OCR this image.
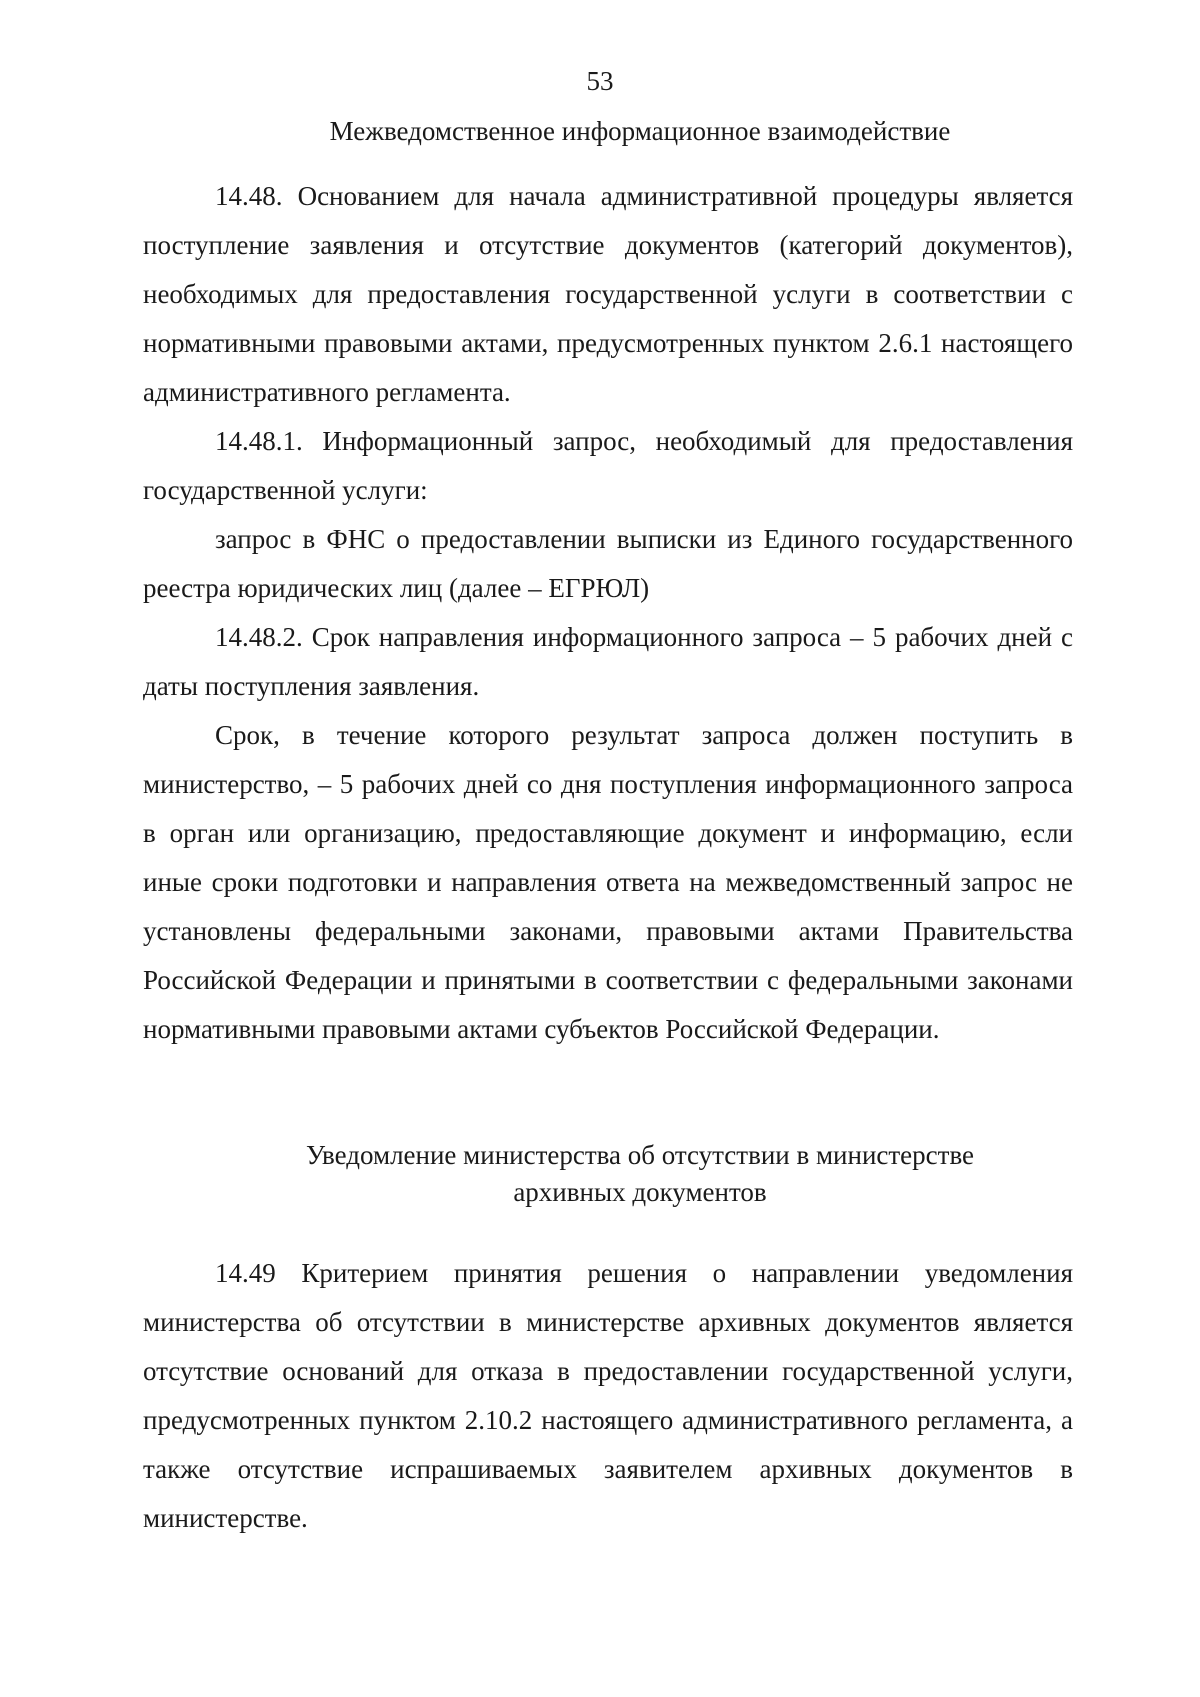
53
Межведомственное информационное взаимодействие

14.48. Основанием для начала административной процедуры является поступление заявления и отсутствие документов (категорий документов), необходимых для предоставления государственной услуги в соответствии с нормативными правовыми актами, предусмотренных пунктом 2.6.1 настоящего административного регламента.

14.48.1. Информационный запрос, необходимый для предоставления государственной услуги:

запрос в ФНС о предоставлении выписки из Единого государственного реестра юридических лиц (далее – ЕГРЮЛ)

14.48.2. Срок направления информационного запроса – 5 рабочих дней с даты поступления заявления.

Срок, в течение которого результат запроса должен поступить в министерство, – 5 рабочих дней со дня поступления информационного запроса в орган или организацию, предоставляющие документ и информацию, если иные сроки подготовки и направления ответа на межведомственный запрос не установлены федеральными законами, правовыми актами Правительства Российской Федерации и принятыми в соответствии с федеральными законами нормативными правовыми актами субъектов Российской Федерации.

Уведомление министерства об отсутствии в министерстве
архивных документов

14.49 Критерием принятия решения о направлении уведомления министерства об отсутствии в министерстве архивных документов является отсутствие оснований для отказа в предоставлении государственной услуги, предусмотренных пунктом 2.10.2 настоящего административного регламента, а также отсутствие испрашиваемых заявителем архивных документов в министерстве.
